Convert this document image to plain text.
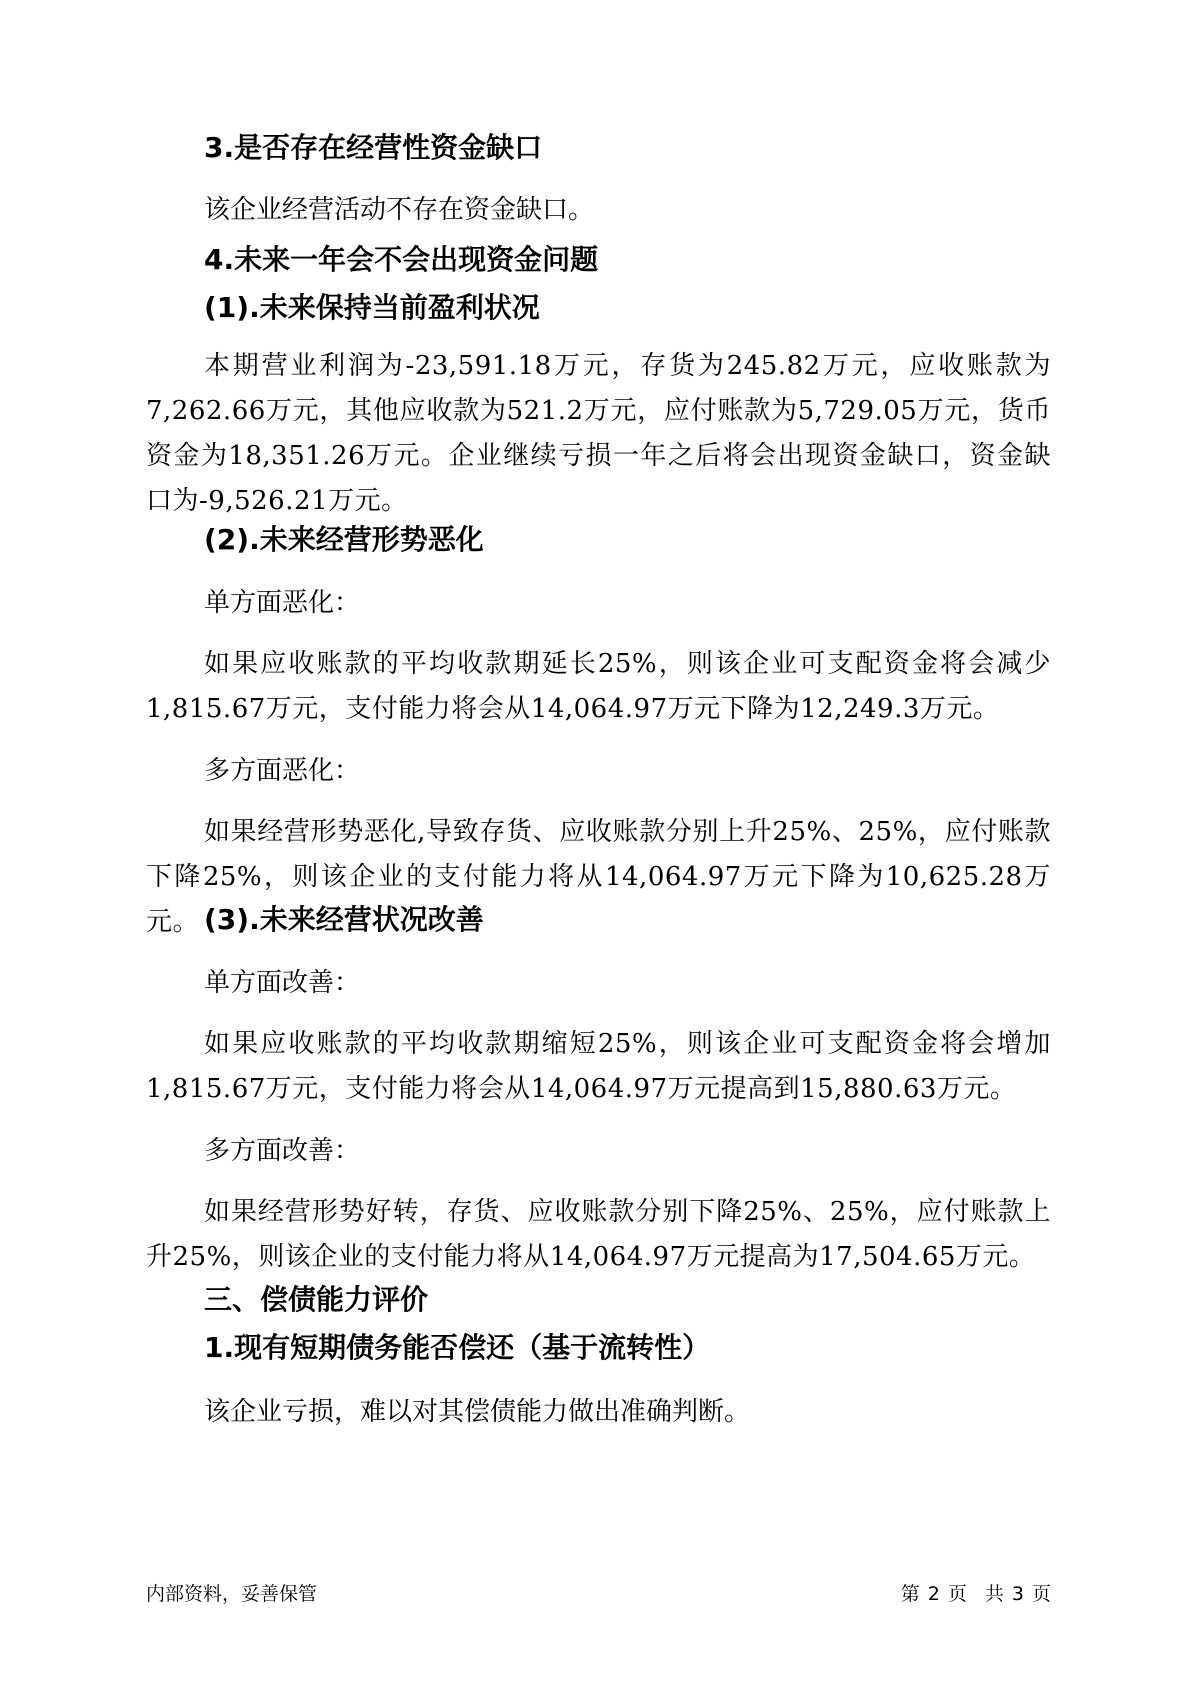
3.是否存在经营性资金缺口
该企业经营活动不存在资金缺口。
4.未来一年会不会出现资金问题
(1).未来保持当前盈利状况
本期营业利润为-23,591.18万元，存货为245.82万元，应收账款为7,262.66万元，其他应收款为521.2万元，应付账款为5,729.05万元，货币资金为18,351.26万元。企业继续亏损一年之后将会出现资金缺口，资金缺口为-9,526.21万元。
(2).未来经营形势恶化
单方面恶化：
如果应收账款的平均收款期延长25%，则该企业可支配资金将会减少1,815.67万元，支付能力将会从14,064.97万元下降为12,249.3万元。
多方面恶化：
如果经营形势恶化,导致存货、应收账款分别上升25%、25%，应付账款下降25%，则该企业的支付能力将从14,064.97万元下降为10,625.28万元。 (3).未来经营状况改善
单方面改善：
如果应收账款的平均收款期缩短25%，则该企业可支配资金将会增加1,815.67万元，支付能力将会从14,064.97万元提高到15,880.63万元。
多方面改善：
如果经营形势好转，存货、应收账款分别下降25%、25%，应付账款上升25%，则该企业的支付能力将从14,064.97万元提高为17,504.65万元。
三、偿债能力评价
1.现有短期债务能否偿还（基于流转性）
该企业亏损，难以对其偿债能力做出准确判断。
内部资料，妥善保管	第 2 页 共 3 页
